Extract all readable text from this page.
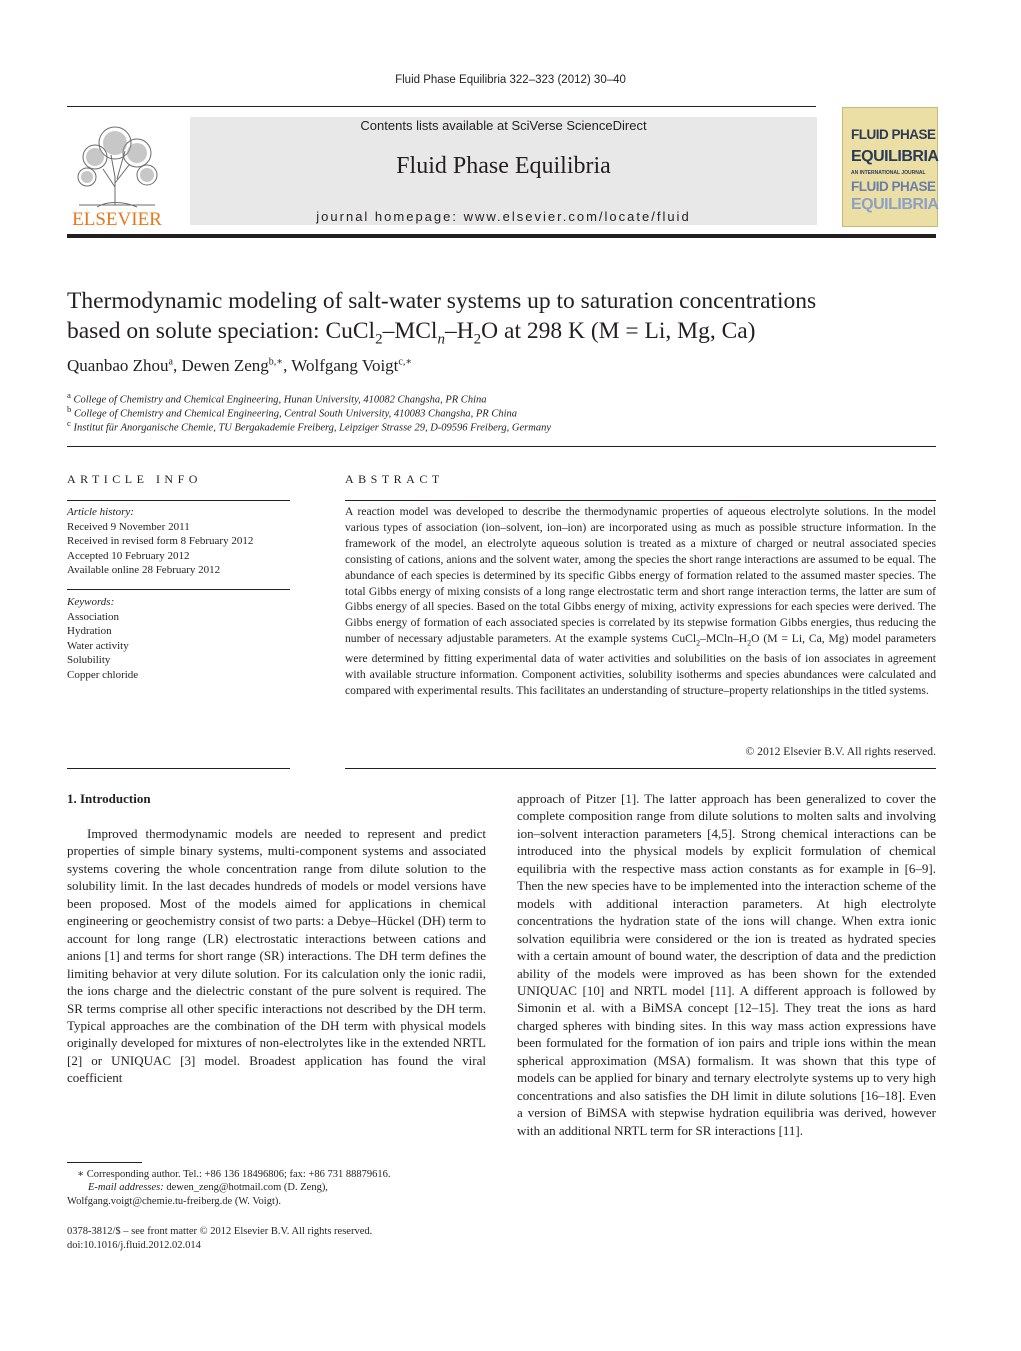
Fluid Phase Equilibria 322–323 (2012) 30–40
ELSEVIER
Contents lists available at SciVerse ScienceDirect
Fluid Phase Equilibria
journal homepage: www.elsevier.com/locate/fluid
FLUID PHASE
EQUILIBRIA
AN INTERNATIONAL JOURNAL
FLUID PHASE
EQUILIBRIA
Thermodynamic modeling of salt-water systems up to saturation concentrations
based on solute speciation: $CuCl_2-MCl_n-H_2O$ at 298 K (M = Li, Mg, Ca)
Quanbao Zhou$^a$, Dewen Zeng$^{b,∗}$, Wolfgang Voigt$^{c,∗}$
$^a$ College of Chemistry and Chemical Engineering, Hunan University, 410082 Changsha, PR China
$^b$ College of Chemistry and Chemical Engineering, Central South University, 410083 Changsha, PR China
$^c$ Institut für Anorganische Chemie, TU Bergakademie Freiberg, Leipziger Strasse 29, D-09596 Freiberg, Germany
ARTICLE INFO
Article history:
Received 9 November 2011
Received in revised form 8 February 2012
Accepted 10 February 2012
Available online 28 February 2012
Keywords:
Association
Hydration
Water activity
Solubility
Copper chloride
ABSTRACT
A reaction model was developed to describe the thermodynamic properties of aqueous electrolyte solutions. In the model various types of association (ion–solvent, ion–ion) are incorporated using as much as possible structure information. In the framework of the model, an electrolyte aqueous solution is treated as a mixture of charged or neutral associated species consisting of cations, anions and the solvent water, among the species the short range interactions are assumed to be equal. The abundance of each species is determined by its specific Gibbs energy of formation related to the assumed master species. The total Gibbs energy of mixing consists of a long range electrostatic term and short range interaction terms, the latter are sum of Gibbs energy of all species. Based on the total Gibbs energy of mixing, activity expressions for each species were derived. The Gibbs energy of formation of each associated species is correlated by its stepwise formation Gibbs energies, thus reducing the number of necessary adjustable parameters. At the example systems $CuCl_2-MCln-H_2O$ (M = Li, Ca, Mg) model parameters were determined by fitting experimental data of water activities and solubilities on the basis of ion associates in agreement with available structure information. Component activities, solubility isotherms and species abundances were calculated and compared with experimental results. This facilitates an understanding of structure–property relationships in the titled systems.
© 2012 Elsevier B.V. All rights reserved.
1. Introduction
Improved thermodynamic models are needed to represent and predict properties of simple binary systems, multi-component systems and associated systems covering the whole concentration range from dilute solution to the solubility limit. In the last decades hundreds of models or model versions have been proposed. Most of the models aimed for applications in chemical engineering or geochemistry consist of two parts: a Debye–Hückel (DH) term to account for long range (LR) electrostatic interactions between cations and anions [1] and terms for short range (SR) interactions. The DH term defines the limiting behavior at very dilute solution. For its calculation only the ionic radii, the ions charge and the dielectric constant of the pure solvent is required. The SR terms comprise all other specific interactions not described by the DH term. Typical approaches are the combination of the DH term with physical models originally developed for mixtures of non-electrolytes like in the extended NRTL [2] or UNIQUAC [3] model. Broadest application has found the viral coefficient
approach of Pitzer [1]. The latter approach has been generalized to cover the complete composition range from dilute solutions to molten salts and involving ion–solvent interaction parameters [4,5]. Strong chemical interactions can be introduced into the physical models by explicit formulation of chemical equilibria with the respective mass action constants as for example in [6–9]. Then the new species have to be implemented into the interaction scheme of the models with additional interaction parameters. At high electrolyte concentrations the hydration state of the ions will change. When extra ionic solvation equilibria were considered or the ion is treated as hydrated species with a certain amount of bound water, the description of data and the prediction ability of the models were improved as has been shown for the extended UNIQUAC [10] and NRTL model [11]. A different approach is followed by Simonin et al. with a BiMSA concept [12–15]. They treat the ions as hard charged spheres with binding sites. In this way mass action expressions have been formulated for the formation of ion pairs and triple ions within the mean spherical approximation (MSA) formalism. It was shown that this type of models can be applied for binary and ternary electrolyte systems up to very high concentrations and also satisfies the DH limit in dilute solutions [16–18]. Even a version of BiMSA with stepwise hydration equilibria was derived, however with an additional NRTL term for SR interactions [11].
∗ Corresponding author. Tel.: +86 136 18496806; fax: +86 731 88879616.
E-mail addresses: dewen_zeng@hotmail.com (D. Zeng),
Wolfgang.voigt@chemie.tu-freiberg.de (W. Voigt).
0378-3812/$ – see front matter © 2012 Elsevier B.V. All rights reserved.
doi:10.1016/j.fluid.2012.02.014
